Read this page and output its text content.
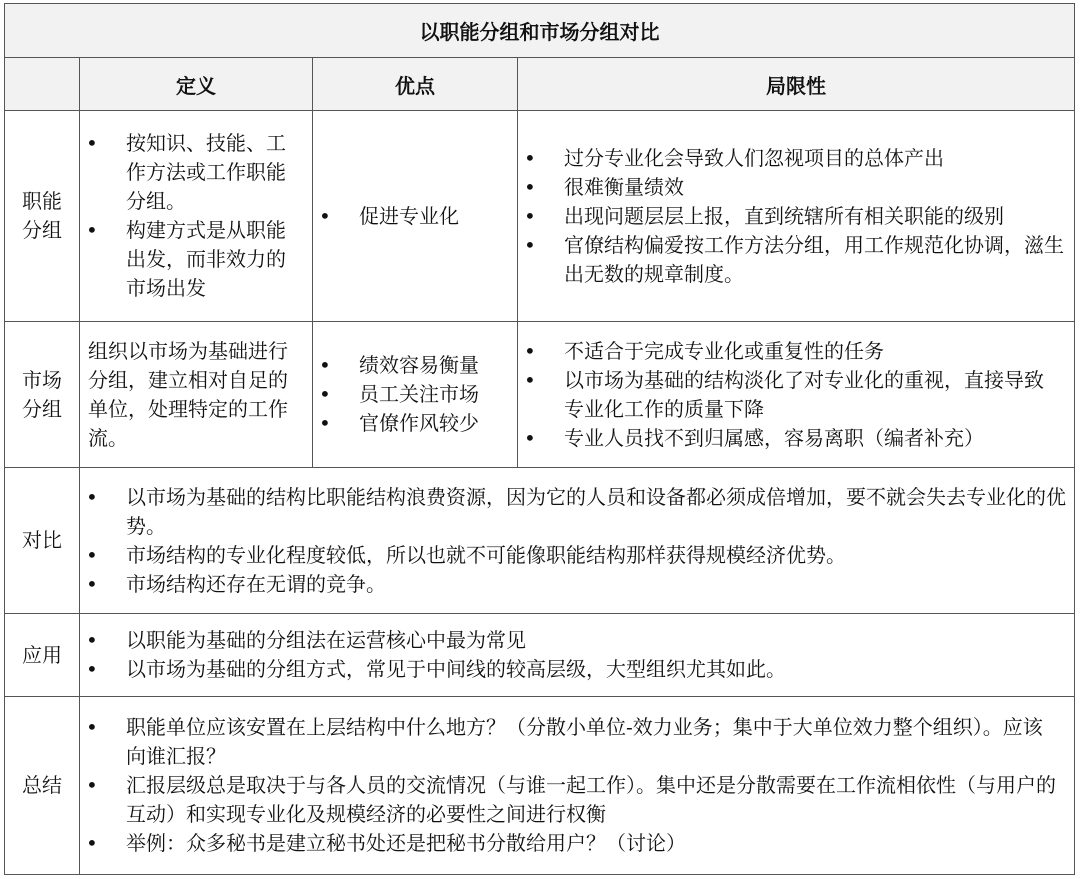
以职能分组和市场分组对比
定义	优点	局限性
职能分组
• 按知识、技能、工作方法或工作职能分组。
• 构建方式是从职能出发，而非效力的市场出发
• 促进专业化
• 过分专业化会导致人们忽视项目的总体产出
• 很难衡量绩效
• 出现问题层层上报，直到统辖所有相关职能的级别
• 官僚结构偏爱按工作方法分组，用工作规范化协调，滋生出无数的规章制度。
市场分组

组织以市场为基础进行分组，建立相对自足的单位，处理特定的工作流。

• 绩效容易衡量
• 员工关注市场
• 官僚作风较少
• 不适合于完成专业化或重复性的任务
• 以市场为基础的结构淡化了对专业化的重视，直接导致专业化工作的质量下降
• 专业人员找不到归属感，容易离职（编者补充）
对比
• 以市场为基础的结构比职能结构浪费资源，因为它的人员和设备都必须成倍增加，要不就会失去专业化的优势。
• 市场结构的专业化程度较低，所以也就不可能像职能结构那样获得规模经济优势。
• 市场结构还存在无谓的竞争。
应用
• 以职能为基础的分组法在运营核心中最为常见
• 以市场为基础的分组方式，常见于中间线的较高层级，大型组织尤其如此。
总结
• 职能单位应该安置在上层结构中什么地方？（分散小单位-效力业务；集中于大单位效力整个组织）。应该向谁汇报？
• 汇报层级总是取决于与各人员的交流情况（与谁一起工作）。集中还是分散需要在工作流相依性（与用户的互动）和实现专业化及规模经济的必要性之间进行权衡
• 举例：众多秘书是建立秘书处还是把秘书分散给用户？（讨论）
